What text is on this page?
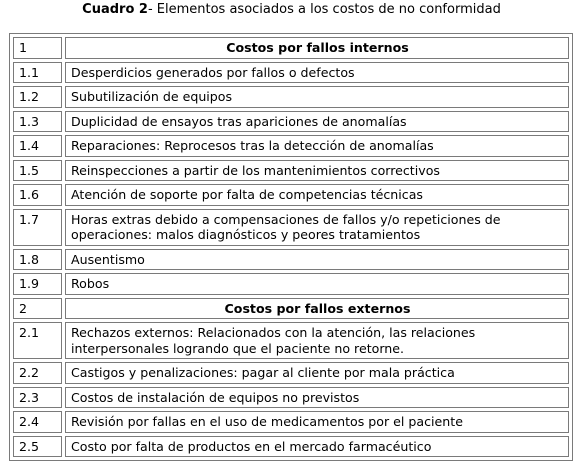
Cuadro 2- Elementos asociados a los costos de no conformidad
1	Costos por fallos internos
1.1	Desperdicios generados por fallos o defectos
1.2	Subutilización de equipos
1.3	Duplicidad de ensayos tras apariciones de anomalías
1.4	Reparaciones: Reprocesos tras la detección de anomalías
1.5	Reinspecciones a partir de los mantenimientos correctivos
1.6	Atención de soporte por falta de competencias técnicas
1.7	Horas extras debido a compensaciones de fallos y/o repeticiones de operaciones: malos diagnósticos y peores tratamientos
1.8	Ausentismo
1.9	Robos
2	Costos por fallos externos
2.1	Rechazos externos: Relacionados con la atención, las relaciones interpersonales logrando que el paciente no retorne.
2.2	Castigos y penalizaciones: pagar al cliente por mala práctica
2.3	Costos de instalación de equipos no previstos
2.4	Revisión por fallas en el uso de medicamentos por el paciente
2.5	Costo por falta de productos en el mercado farmacéutico
